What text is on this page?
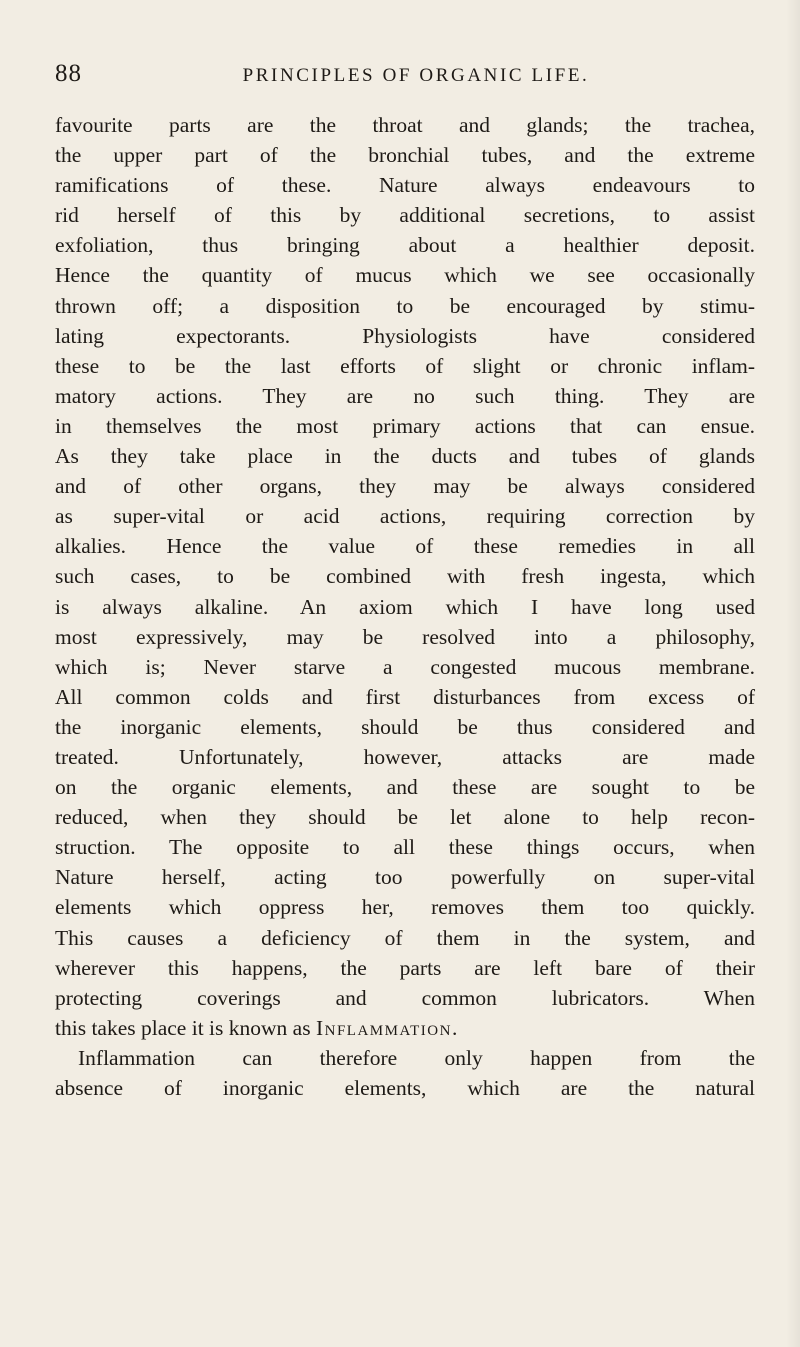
88	PRINCIPLES OF ORGANIC LIFE.
favourite parts are the throat and glands; the trachea,
the upper part of the bronchial tubes, and the extreme
ramifications of these. Nature always endeavours to
rid herself of this by additional secretions, to assist
exfoliation, thus bringing about a healthier deposit.
Hence the quantity of mucus which we see occasionally
thrown off; a disposition to be encouraged by stimu-
lating expectorants. Physiologists have considered
these to be the last efforts of slight or chronic inflam-
matory actions. They are no such thing. They are
in themselves the most primary actions that can ensue.
As they take place in the ducts and tubes of glands
and of other organs, they may be always considered
as super-vital or acid actions, requiring correction by
alkalies. Hence the value of these remedies in all
such cases, to be combined with fresh ingesta, which
is always alkaline. An axiom which I have long used
most expressively, may be resolved into a philosophy,
which is; Never starve a congested mucous membrane.
All common colds and first disturbances from excess of
the inorganic elements, should be thus considered and
treated. Unfortunately, however, attacks are made
on the organic elements, and these are sought to be
reduced, when they should be let alone to help recon-
struction. The opposite to all these things occurs, when
Nature herself, acting too powerfully on super-vital
elements which oppress her, removes them too quickly.
This causes a deficiency of them in the system, and
wherever this happens, the parts are left bare of their
protecting coverings and common lubricators. When
this takes place it is known as Inflammation.
Inflammation can therefore only happen from the
absence of inorganic elements, which are the natural
